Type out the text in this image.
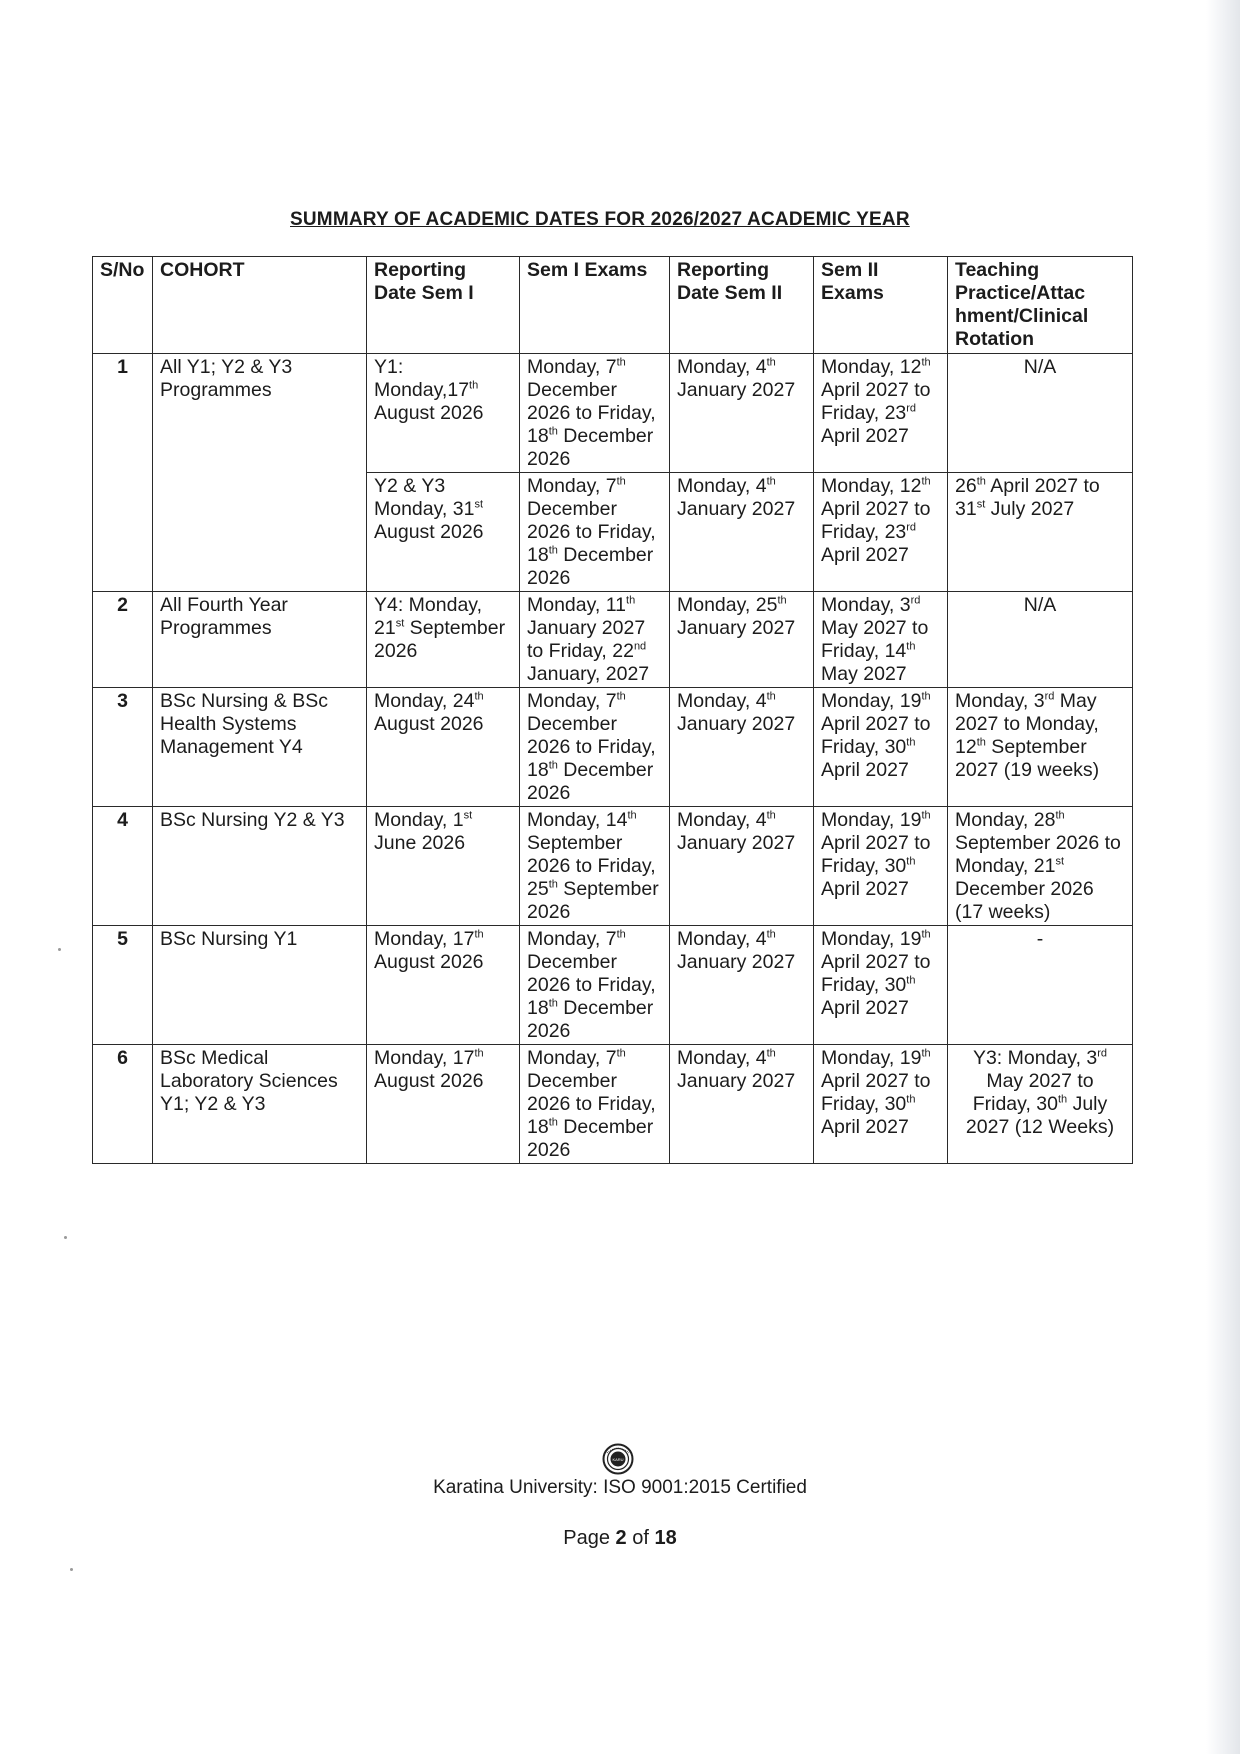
SUMMARY OF ACADEMIC DATES FOR 2026/2027 ACADEMIC YEAR
S/No	COHORT	Reporting Date Sem I	Sem I Exams	Reporting Date Sem II	Sem II Exams	Teaching Practice/Attac hment/Clinical Rotation
1	All Y1; Y2 & Y3 Programmes	Y1: Monday,17th August 2026	Monday, 7th December 2026 to Friday, 18th December 2026	Monday, 4th January 2027	Monday, 12th April 2027 to Friday, 23rd April 2027	N/A
		Y2 & Y3 Monday, 31st August 2026	Monday, 7th December 2026 to Friday, 18th December 2026	Monday, 4th January 2027	Monday, 12th April 2027 to Friday, 23rd April 2027	26th April 2027 to 31st July 2027
2	All Fourth Year Programmes	Y4: Monday, 21st September 2026	Monday, 11th January 2027 to Friday, 22nd January, 2027	Monday, 25th January 2027	Monday, 3rd May 2027 to Friday, 14th May 2027	N/A
3	BSc Nursing & BSc Health Systems Management Y4	Monday, 24th August 2026	Monday, 7th December 2026 to Friday, 18th December 2026	Monday, 4th January 2027	Monday, 19th April 2027 to Friday, 30th April 2027	Monday, 3rd May 2027 to Monday, 12th September 2027 (19 weeks)
4	BSc Nursing Y2 & Y3	Monday, 1st June 2026	Monday, 14th September 2026 to Friday, 25th September 2026	Monday, 4th January 2027	Monday, 19th April 2027 to Friday, 30th April 2027	Monday, 28th September 2026 to Monday, 21st December 2026 (17 weeks)
5	BSc Nursing Y1	Monday, 17th August 2026	Monday, 7th December 2026 to Friday, 18th December 2026	Monday, 4th January 2027	Monday, 19th April 2027 to Friday, 30th April 2027	-
6	BSc Medical Laboratory Sciences Y1; Y2 & Y3	Monday, 17th August 2026	Monday, 7th December 2026 to Friday, 18th December 2026	Monday, 4th January 2027	Monday, 19th April 2027 to Friday, 30th April 2027	Y3: Monday, 3rd May 2027 to Friday, 30th July 2027 (12 Weeks)
KARU
Karatina University: ISO 9001:2015 Certified
Page 2 of 18
